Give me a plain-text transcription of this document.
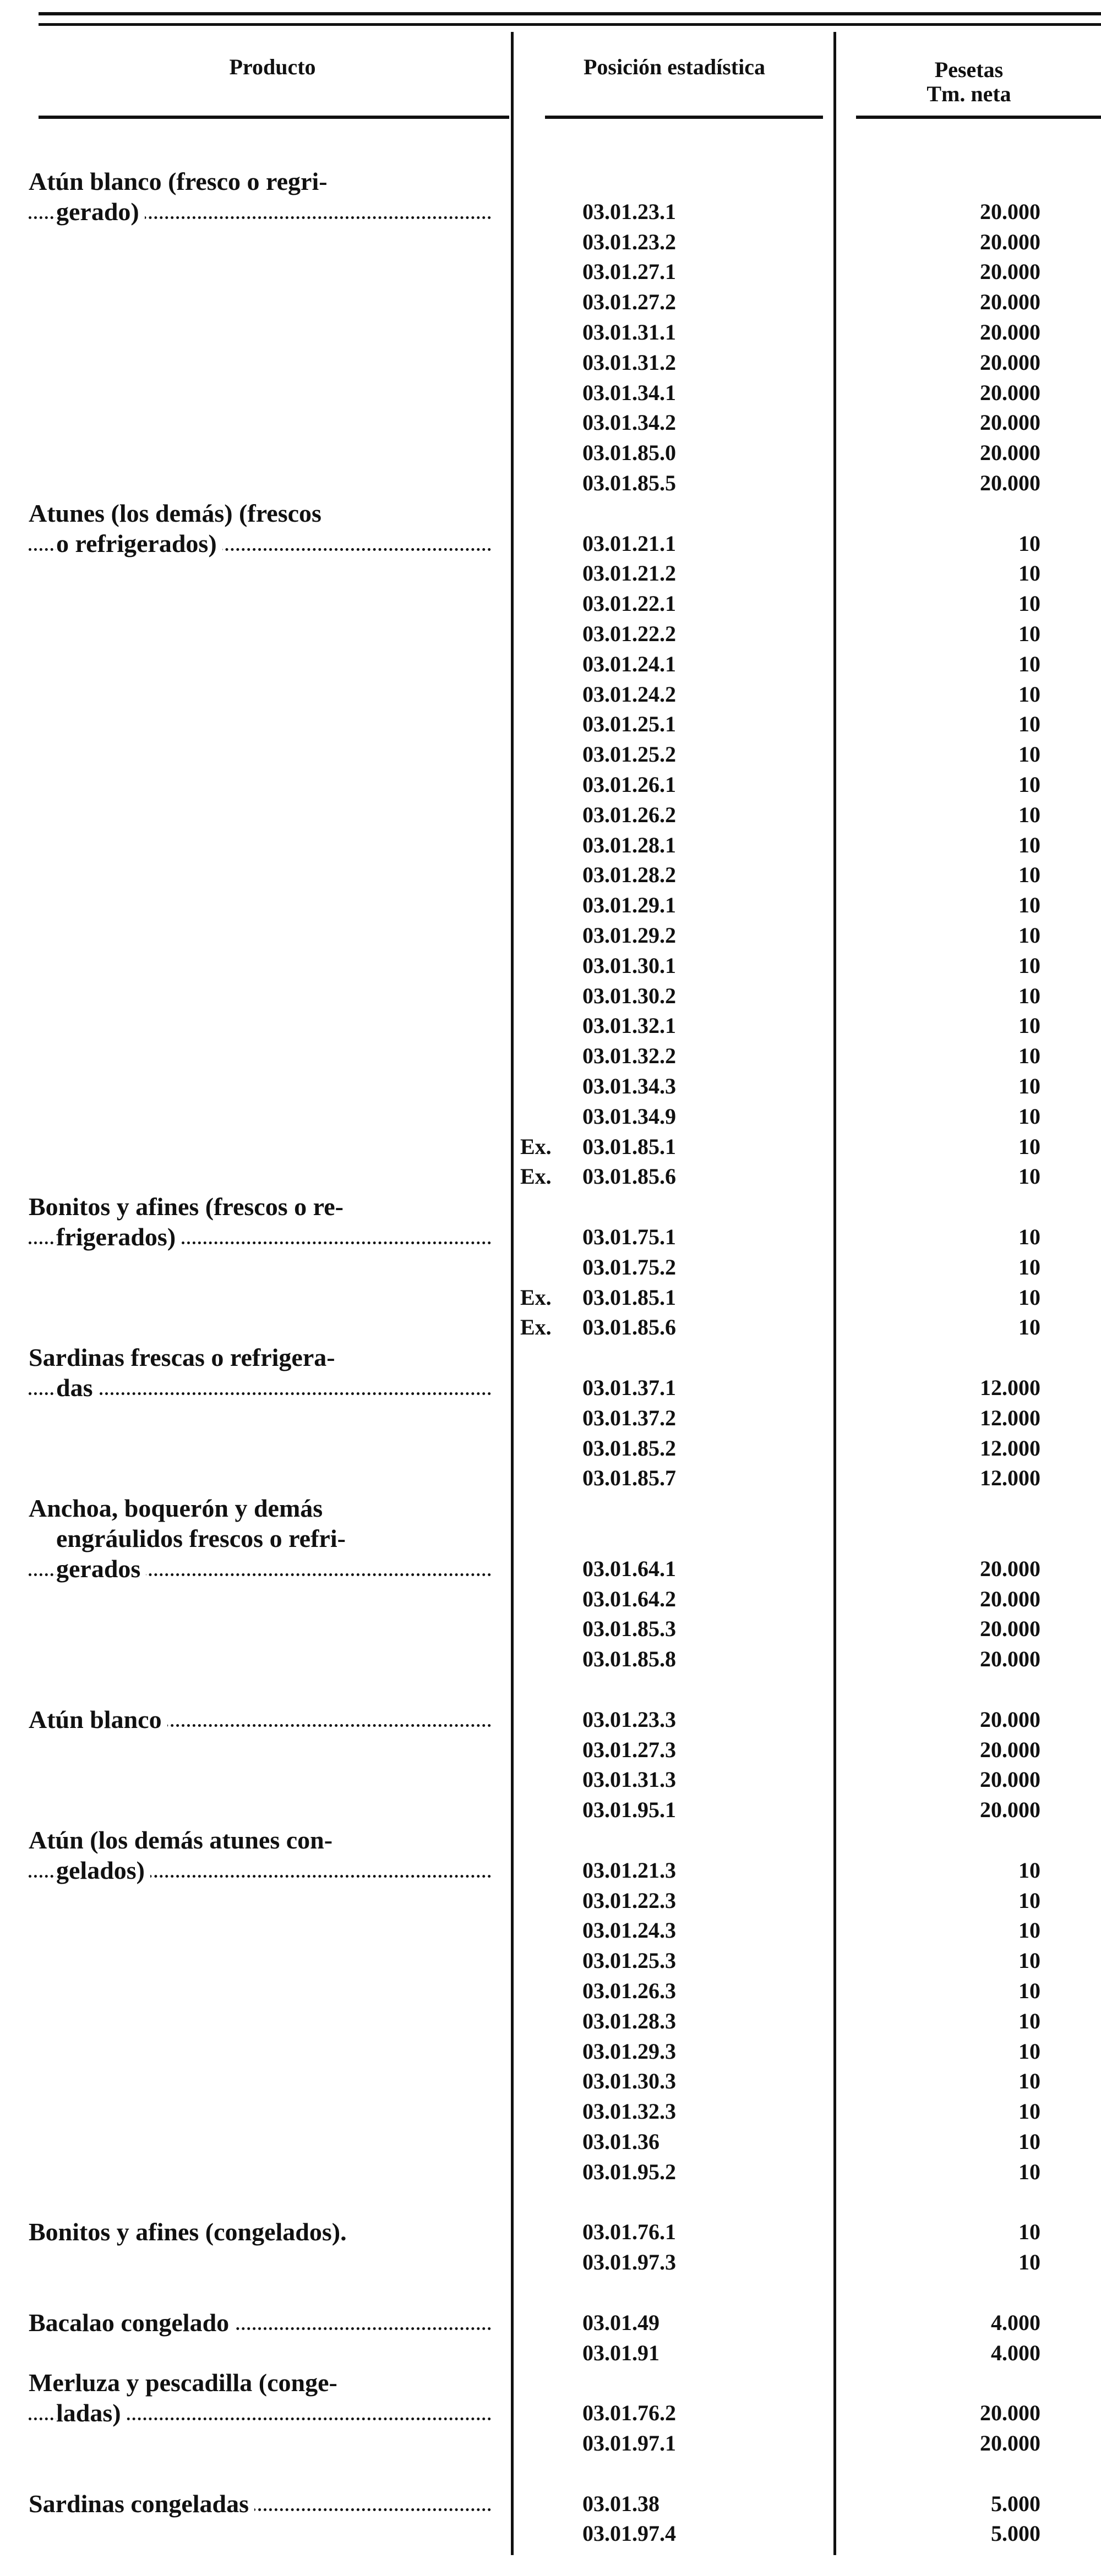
Producto	Posición estadística	Pesetas
Tm. neta
Atún blanco (fresco o regri-
gerado)	03.01.23.1	20.000
03.01.23.2	20.000
03.01.27.1	20.000
03.01.27.2	20.000
03.01.31.1	20.000
03.01.31.2	20.000
03.01.34.1	20.000
03.01.34.2	20.000
03.01.85.0	20.000
03.01.85.5	20.000
Atunes (los demás) (frescos
o refrigerados)	03.01.21.1	10
03.01.21.2	10
03.01.22.1	10
03.01.22.2	10
03.01.24.1	10
03.01.24.2	10
03.01.25.1	10
03.01.25.2	10
03.01.26.1	10
03.01.26.2	10
03.01.28.1	10
03.01.28.2	10
03.01.29.1	10
03.01.29.2	10
03.01.30.1	10
03.01.30.2	10
03.01.32.1	10
03.01.32.2	10
03.01.34.3	10
03.01.34.9	10
Ex. 03.01.85.1	10
Ex. 03.01.85.6	10
Bonitos y afines (frescos o re-
frigerados)	03.01.75.1	10
03.01.75.2	10
Ex. 03.01.85.1	10
Ex. 03.01.85.6	10
Sardinas frescas o refrigera-
das	03.01.37.1	12.000
03.01.37.2	12.000
03.01.85.2	12.000
03.01.85.7	12.000
Anchoa, boquerón y demás
engráulidos frescos o refri-
gerados	03.01.64.1	20.000
03.01.64.2	20.000
03.01.85.3	20.000
03.01.85.8	20.000
Atún blanco	03.01.23.3	20.000
03.01.27.3	20.000
03.01.31.3	20.000
03.01.95.1	20.000
Atún (los demás atunes con-
gelados)	03.01.21.3	10
03.01.22.3	10
03.01.24.3	10
03.01.25.3	10
03.01.26.3	10
03.01.28.3	10
03.01.29.3	10
03.01.30.3	10
03.01.32.3	10
03.01.36	10
03.01.95.2	10
Bonitos y afines (congelados).	03.01.76.1	10
03.01.97.3	10
Bacalao congelado	03.01.49	4.000
03.01.91	4.000
Merluza y pescadilla (conge-
ladas)	03.01.76.2	20.000
03.01.97.1	20.000
Sardinas congeladas	03.01.38	5.000
03.01.97.4	5.000
